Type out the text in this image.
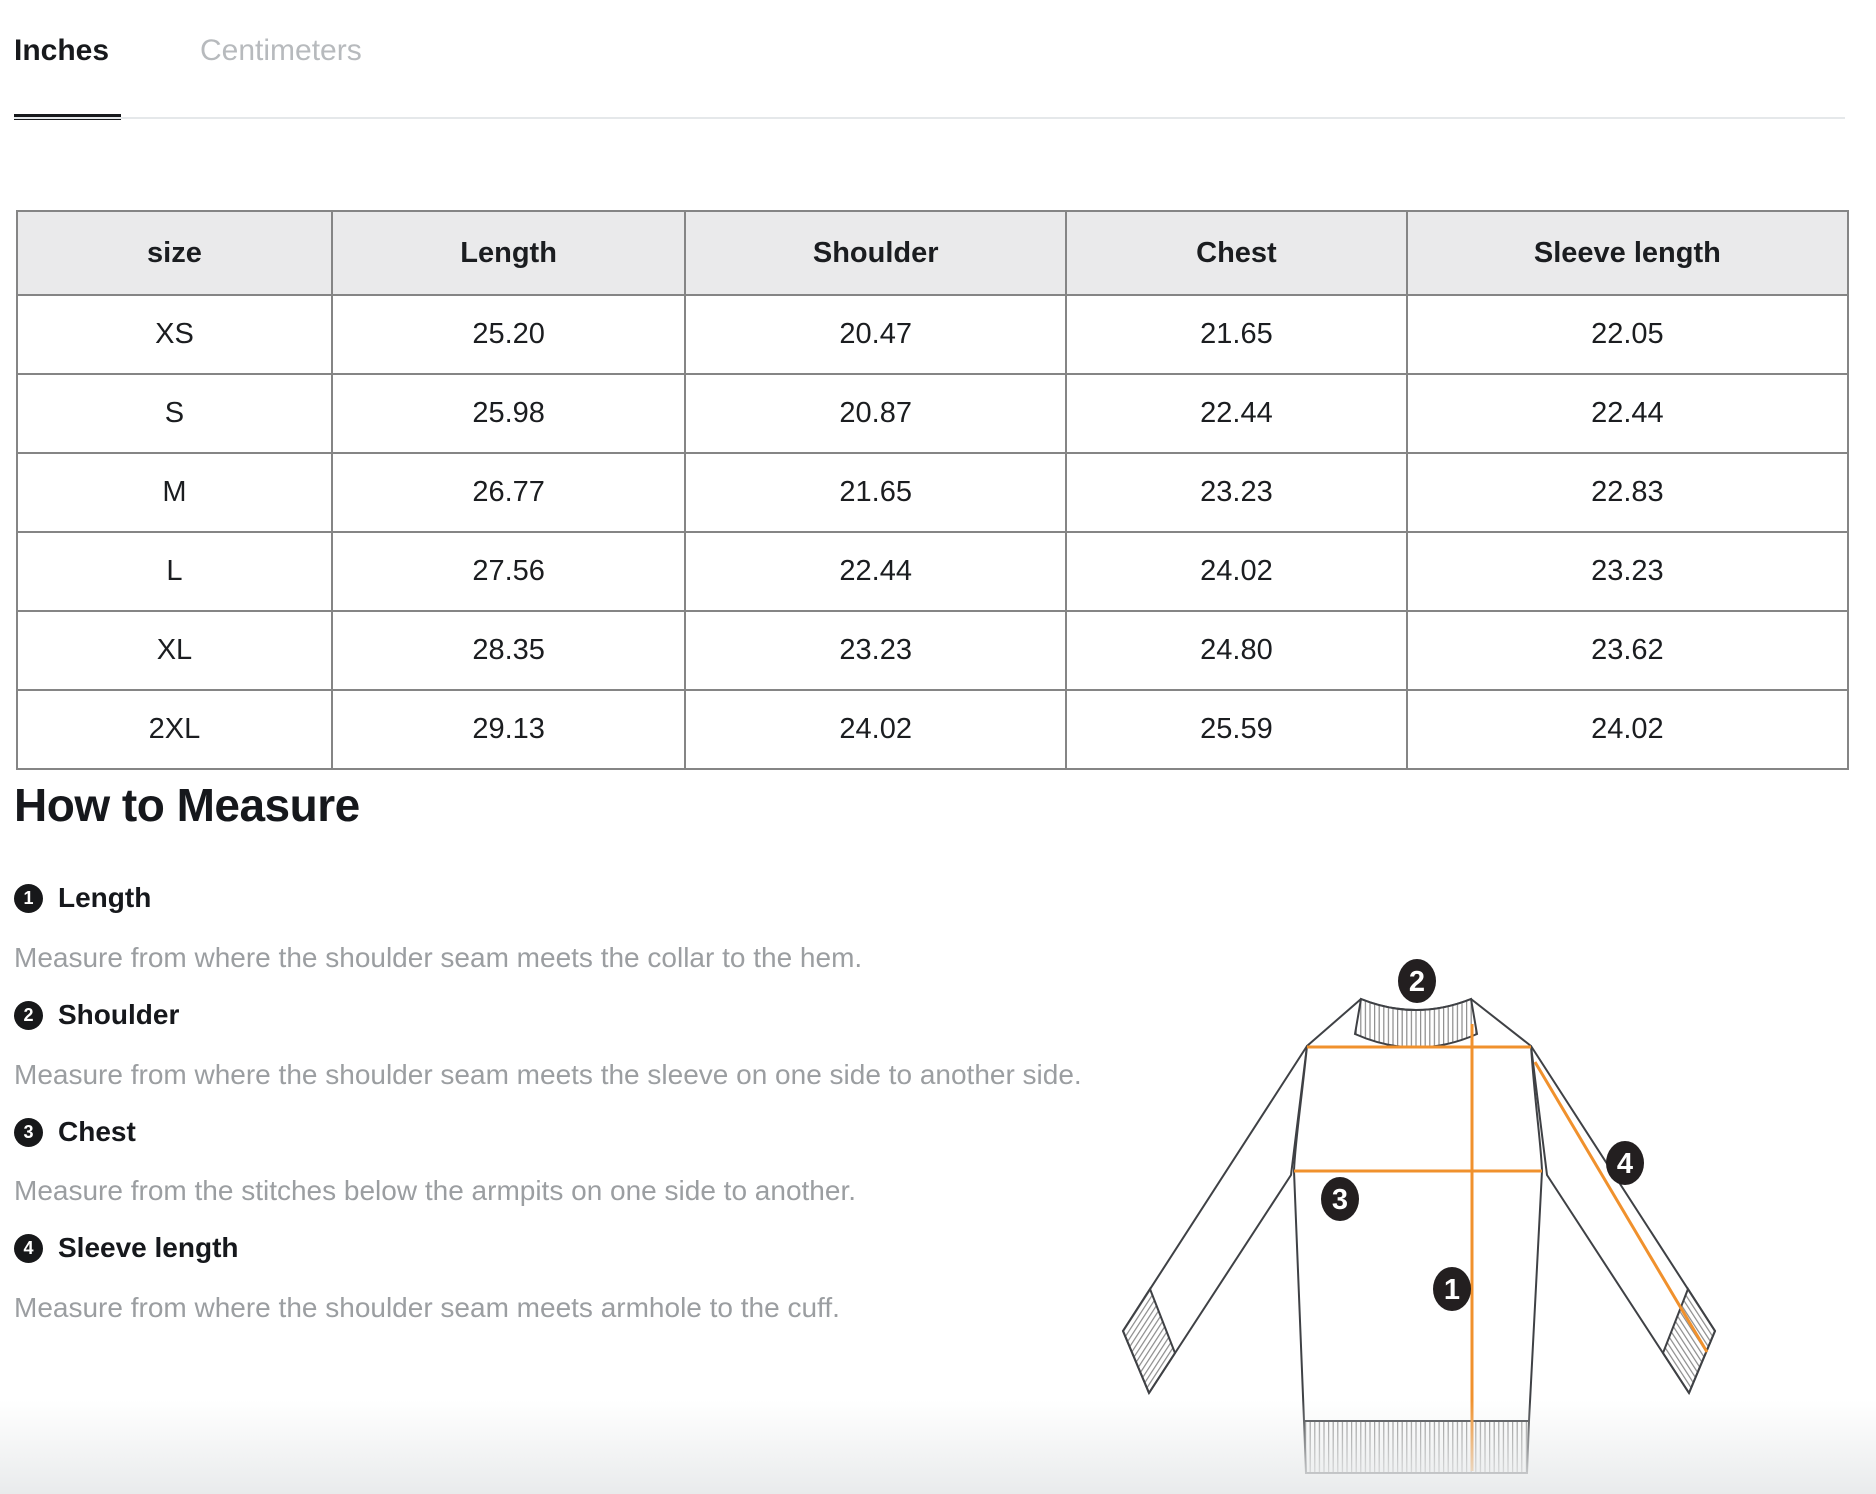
Inches	Centimeters
size	Length	Shoulder	Chest	Sleeve length
XS	25.20	20.47	21.65	22.05
S	25.98	20.87	22.44	22.44
M	26.77	21.65	23.23	22.83
L	27.56	22.44	24.02	23.23
XL	28.35	23.23	24.80	23.62
2XL	29.13	24.02	25.59	24.02
How to Measure
1 Length

Measure from where the shoulder seam meets the collar to the hem.

2 Shoulder

Measure from where the shoulder seam meets the sleeve on one side to another side.

3 Chest

Measure from the stitches below the armpits on one side to another.

4 Sleeve length

Measure from where the shoulder seam meets armhole to the cuff.

2
4
3
1
